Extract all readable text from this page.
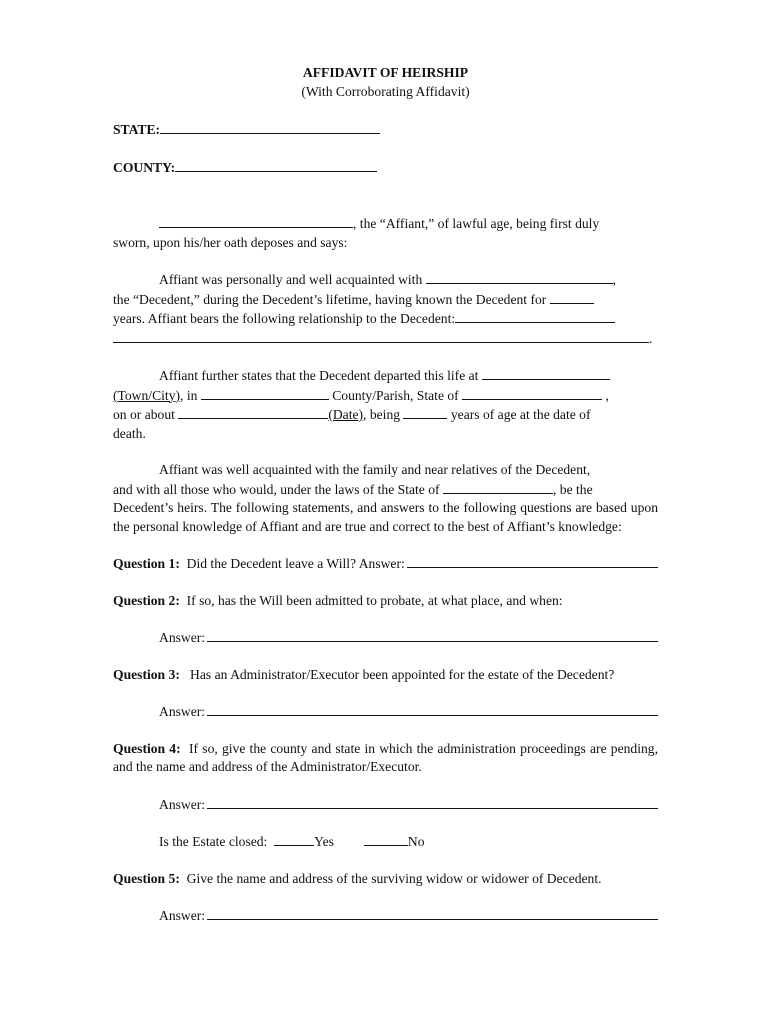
AFFIDAVIT OF HEIRSHIP
(With Corroborating Affidavit)
STATE:
COUNTY:

, the “Affiant,” of lawful age, being first duly

sworn, upon his/her oath deposes and says:

Affiant was personally and well acquainted with	,

the “Decedent,” during the Decedent’s lifetime, having known the Decedent for

years. Affiant bears the following relationship to the Decedent:

.

Affiant further states that the Decedent departed this life at

(Town/City), in	County/Parish, State of	,

on or about	(Date), being	years of age at the date of

death.

Affiant was well acquainted with the family and near relatives of the Decedent,

and with all those who would, under the laws of the State of	, be the

Decedent’s heirs. The following statements, and answers to the following questions are based upon the personal knowledge of Affiant and are true and correct to the best of Affiant’s knowledge:

Question 1:
Did the Decedent leave a Will? Answer:
Question 2: If so, has the Will been admitted to probate, at what place, and when:
Answer:

Question 3: Has an Administrator/Executor been appointed for the estate of the Decedent?

Answer:

Question 4: If so, give the county and state in which the administration proceedings are pending, and the name and address of the Administrator/Executor.

Answer:
Is the Estate closed:	Yes	No
Question 5: Give the name and address of the surviving widow or widower of Decedent.
Answer:
